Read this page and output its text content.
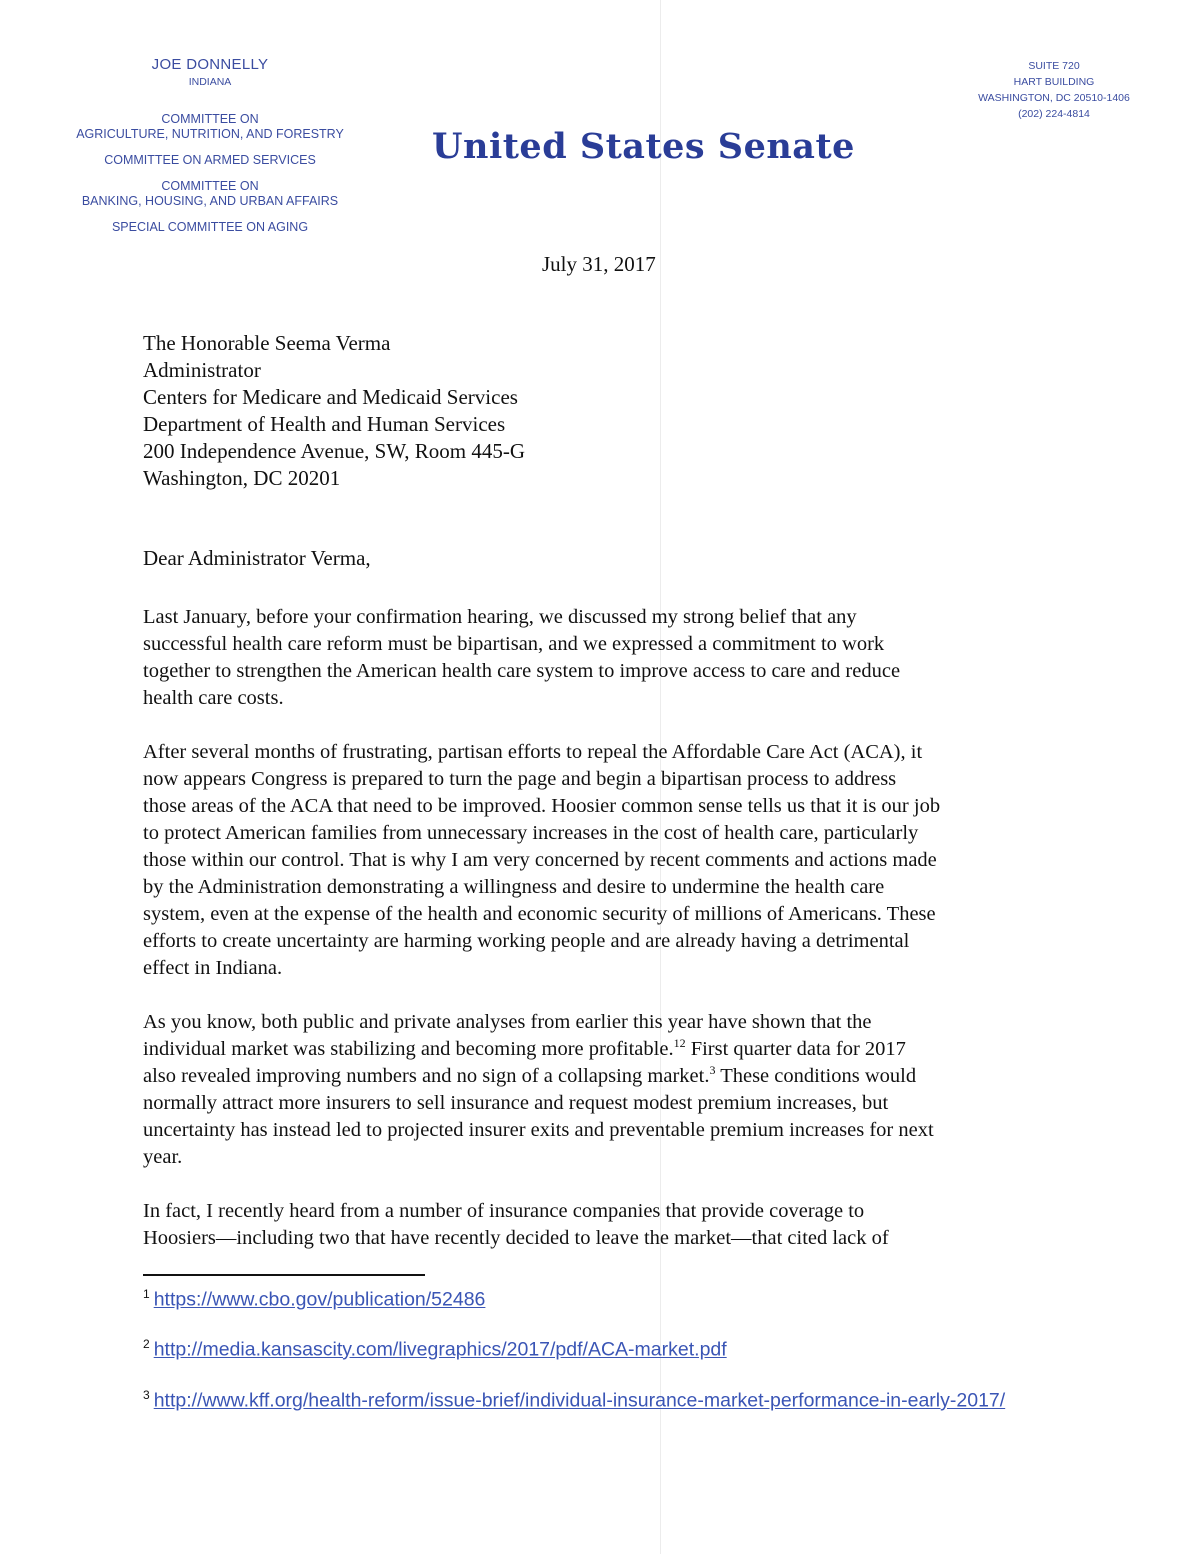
JOE DONNELLY
INDIANA
COMMITTEE ON
AGRICULTURE, NUTRITION, AND FORESTRY
COMMITTEE ON ARMED SERVICES
COMMITTEE ON
BANKING, HOUSING, AND URBAN AFFAIRS
SPECIAL COMMITTEE ON AGING
United States Senate
SUITE 720
HART BUILDING
WASHINGTON, DC 20510-1406
(202) 224-4814
July 31, 2017
The Honorable Seema Verma
Administrator
Centers for Medicare and Medicaid Services
Department of Health and Human Services
200 Independence Avenue, SW, Room 445-G
Washington, DC 20201
Dear Administrator Verma,
Last January, before your confirmation hearing, we discussed my strong belief that any
successful health care reform must be bipartisan, and we expressed a commitment to work
together to strengthen the American health care system to improve access to care and reduce
health care costs.
After several months of frustrating, partisan efforts to repeal the Affordable Care Act (ACA), it
now appears Congress is prepared to turn the page and begin a bipartisan process to address
those areas of the ACA that need to be improved. Hoosier common sense tells us that it is our job
to protect American families from unnecessary increases in the cost of health care, particularly
those within our control. That is why I am very concerned by recent comments and actions made
by the Administration demonstrating a willingness and desire to undermine the health care
system, even at the expense of the health and economic security of millions of Americans. These
efforts to create uncertainty are harming working people and are already having a detrimental
effect in Indiana.
As you know, both public and private analyses from earlier this year have shown that the
individual market was stabilizing and becoming more profitable.$^{12}$ First quarter data for 2017
also revealed improving numbers and no sign of a collapsing market.$^3$ These conditions would
normally attract more insurers to sell insurance and request modest premium increases, but
uncertainty has instead led to projected insurer exits and preventable premium increases for next
year.
In fact, I recently heard from a number of insurance companies that provide coverage to
Hoosiers—including two that have recently decided to leave the market—that cited lack of
$^1$ https://www.cbo.gov/publication/52486
$^2$ http://media.kansascity.com/livegraphics/2017/pdf/ACA-market.pdf
$^3$ http://www.kff.org/health-reform/issue-brief/individual-insurance-market-performance-in-early-2017/
